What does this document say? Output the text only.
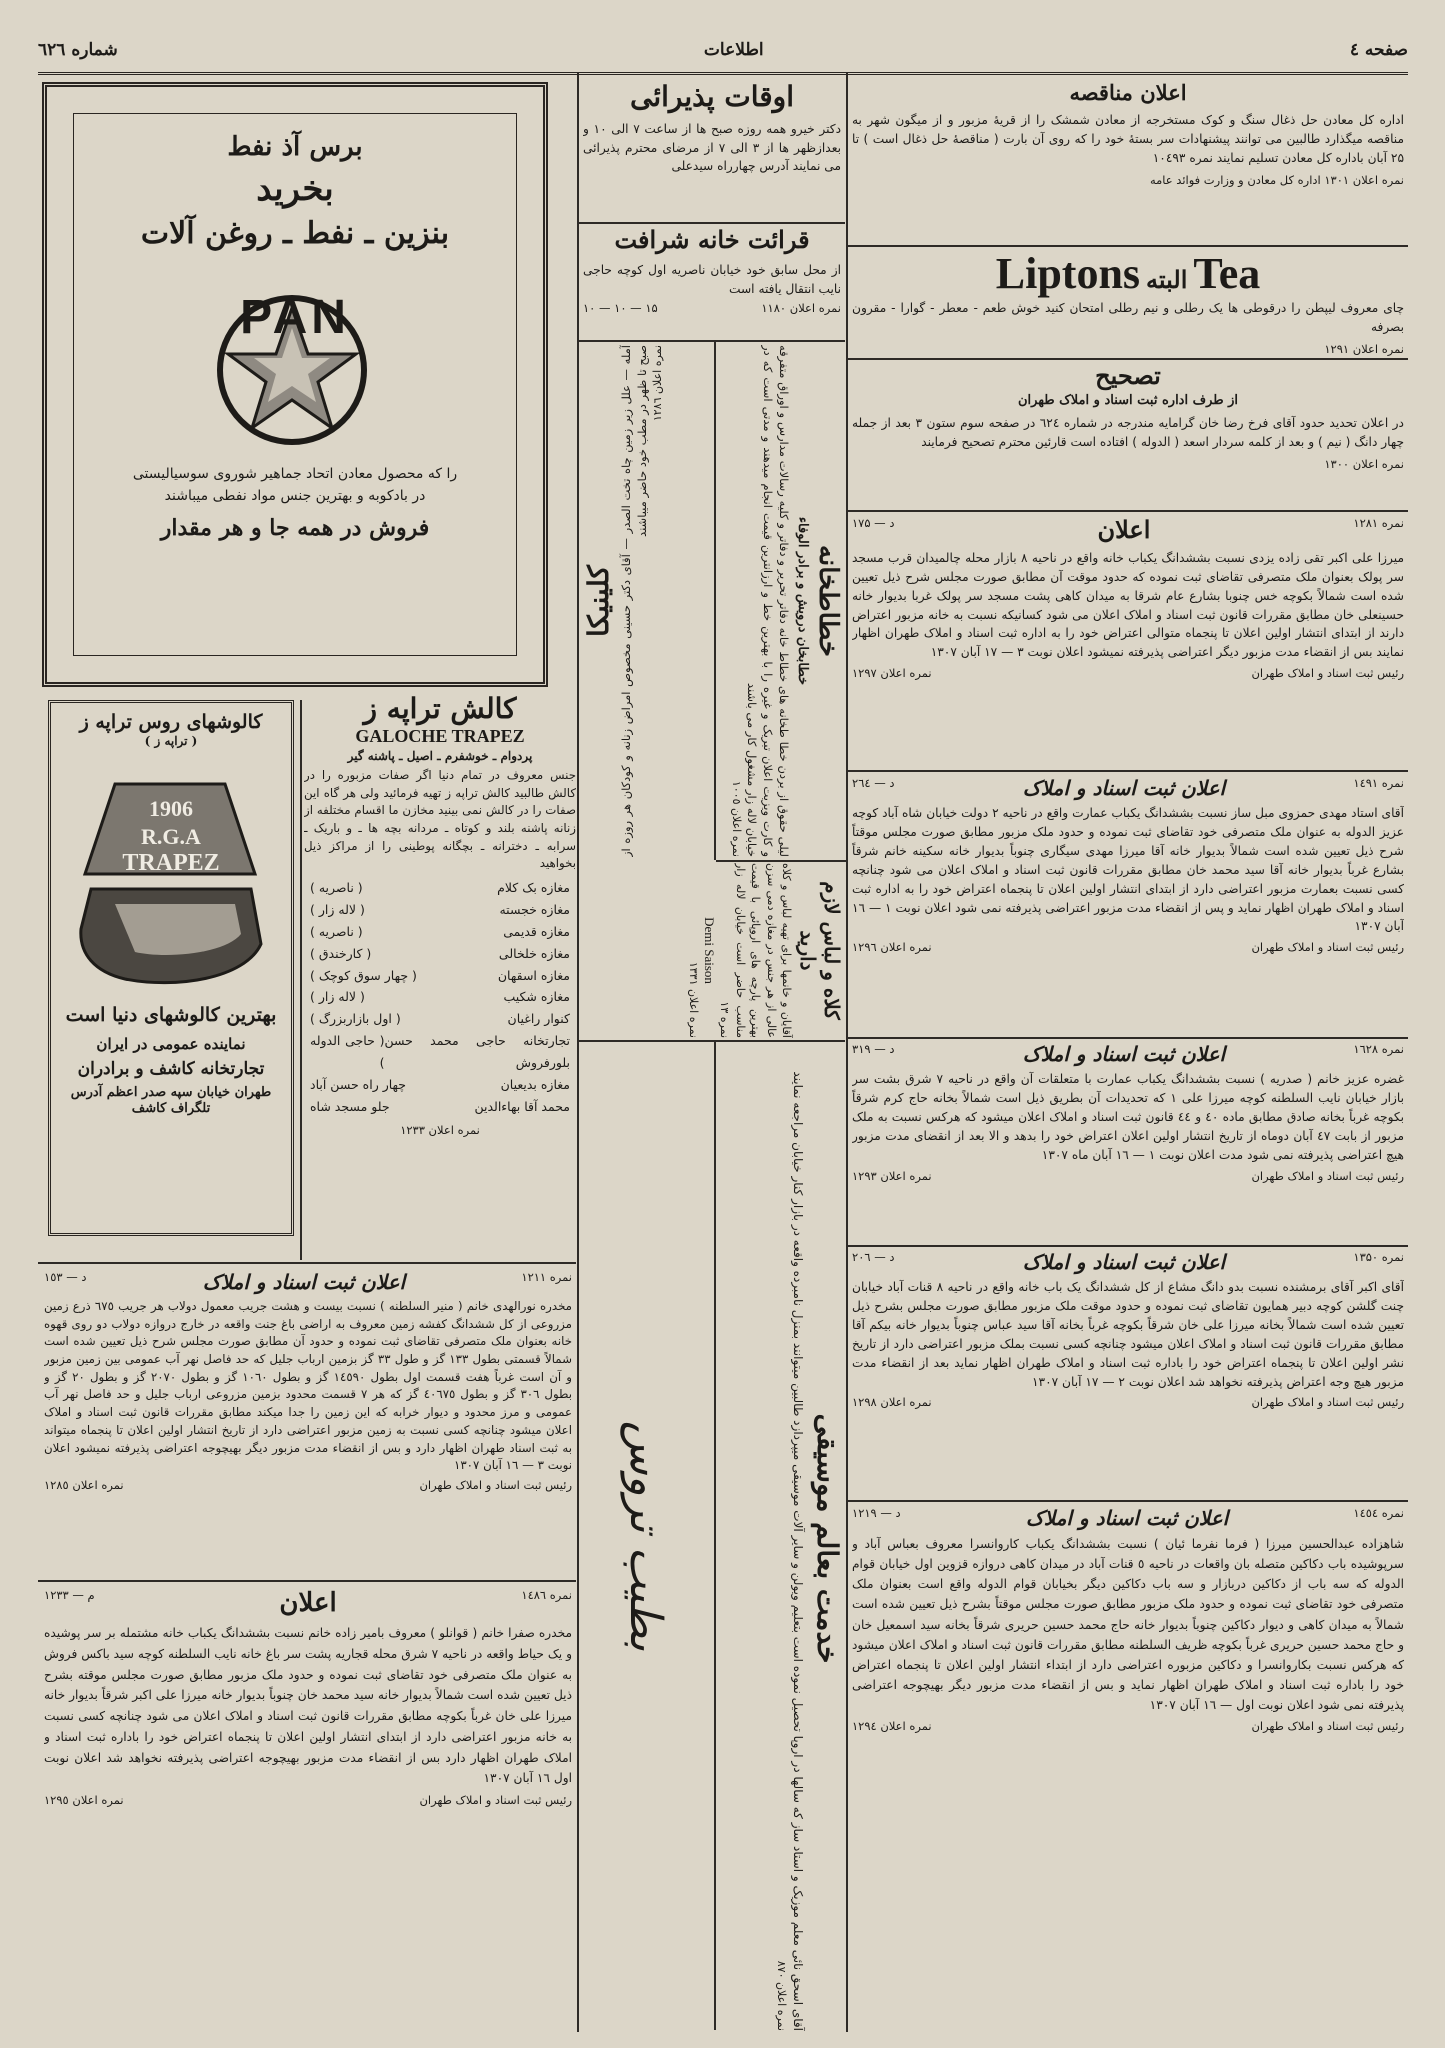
صفحه ٤
اطلاعات
شماره ٦٢٦
اعلان مناقصه

اداره کل معادن حل ذغال سنگ و کوک مستخرجه از معادن شمشک را از قریهٔ مزبور و از میگون شهر به مناقصه میگذارد طالبین می توانند پیشنهادات سر بستهٔ خود را که روی آن بارت ( مناقصهٔ حل ذغال است ) تا ۲۵ آبان باداره کل معادن تسلیم نمایند نمره ۱۰٤۹۳

نمره اعلان ۱۳۰۱ اداره کل معادن و وزارت فوائد عامه

Liptons البته Tea

چای معروف لیپطن را درقوطی ها یک رطلی و نیم رطلی امتحان کنید خوش طعم - معطر - گوارا - مقرون بصرفه

نمره اعلان ۱۲۹۱

تصحیح
از طرف اداره ثبت اسناد و املاک طهران

در اعلان تحدید حدود آقای فرخ رضا خان گرامایه مندرجه در شماره ٦۲٤ در صفحه سوم ستون ۳ بعد از جمله چهار دانگ ( نیم ) و بعد از کلمه سردار اسعد ( الدوله ) افتاده است قارئین محترم تصحیح فرمایند

نمره اعلان ۱۳۰۰

نمره ۱۲۸۱
اعلان
د — ۱۷۵

میرزا علی اکبر تقی زاده یزدی نسبت بششدانگ یکباب خانه واقع در ناحیه ۸ بازار محله چالمیدان قرب مسجد سر پولک بعنوان ملک متصرفی تقاضای ثبت نموده که حدود موقت آن مطابق صورت مجلس شرح ذیل تعیین شده است شمالاً بکوچه خس چنوبا بشارع عام شرقا به میدان کاهی پشت مسجد سر پولک غربا بدیوار خانه حسینعلی خان مطابق مقررات قانون ثبت اسناد و املاک اعلان می شود کسانیکه نسبت به خانه مزبور اعتراض دارند از ابتدای انتشار اولین اعلان تا پنجماه متوالی اعتراض خود را به اداره ثبت اسناد و املاک طهران اظهار نمایند بس از انقضاء مدت مزبور دیگر اعتراضی پذیرفته نمیشود اعلان نوبت ۳ — ۱۷ آبان ۱۳۰۷

رئیس ثبت اسناد و املاک طهران
نمره اعلان ۱۲۹۷
نمره ۱٤۹۱
اعلان ثبت اسناد و املاک
د — ۲٦٤

آقای استاد مهدی حمزوی مبل ساز نسبت بششدانگ یکباب عمارت واقع در ناحیه ۲ دولت خیابان شاه آباد کوچه عزیز الدوله به عنوان ملک متصرفی خود تقاضای ثبت نموده و حدود ملک مزبور مطابق صورت مجلس موقتاً شرح ذیل تعیین شده است شمالاً بدیوار خانه آقا میرزا مهدی سیگاری چنوباً بدیوار خانه سکینه خانم شرقاً بشارع غرباً بدیوار خانه آقا سید محمد خان مطابق مقررات قانون ثبت اسناد و املاک اعلان می شود چنانچه کسی نسبت بعمارت مزبور اعتراضی دارد از ابتدای انتشار اولین اعلان تا پنجماه اعتراض خود را به اداره ثبت اسناد و املاک طهران اظهار نماید و پس از انقضاء مدت مزبور اعتراضی پذیرفته نمی شود اعلان نوبت ۱ — ۱٦ آبان ۱۳۰۷

رئیس ثبت اسناد و املاک طهران
نمره اعلان ۱۲۹٦
نمره ۱٦۲۸
اعلان ثبت اسناد و املاک
د — ۳۱۹

غضره عزیز خانم ( صدریه ) نسبت بششدانگ یکباب عمارت با متعلقات آن واقع در ناحیه ۷ شرق بشت سر بازار خیابان نایب السلطنه کوچه میرزا علی ۱ که تحدیدات آن بطریق ذیل است شمالاً بخانه حاج کرم شرقاً بکوچه غرباً بخانه صادق مطابق ماده ٤۰ و ٤٤ قانون ثبت اسناد و املاک اعلان میشود که هرکس نسبت به ملک مزبور از بابت ٤۷ آبان دوماه از تاریخ انتشار اولین اعلان اعتراض خود را بدهد و الا بعد از انقضای مدت مزبور هیچ اعتراضی پذیرفته نمی شود مدت اعلان نوبت ۱ — ۱٦ آبان ماه ۱۳۰۷

رئیس ثبت اسناد و املاک طهران
نمره اعلان ۱۲۹۳
نمره ۱۳۵۰
اعلان ثبت اسناد و املاک
د — ۲۰٦

آقای اکبر آقای برمشنده نسبت بدو دانگ مشاع از کل ششدانگ یک باب خانه واقع در ناحیه ۸ قنات آباد خیابان چنت گلشن کوچه دبیر همایون تقاضای ثبت نموده و حدود موقت ملک مزبور مطابق صورت مجلس بشرح ذیل تعیین شده است شمالاً بخانه میرزا علی خان شرقاً بکوچه غرباً بخانه آقا سید عباس چنوباً بدیوار خانه بیکم آقا مطابق مقررات قانون ثبت اسناد و املاک اعلان میشود چنانچه کسی نسبت بملک مزبور اعتراضی دارد از تاریخ نشر اولین اعلان تا پنجماه اعتراض خود را باداره ثبت اسناد و املاک طهران اظهار نماید بعد از انقضاء مدت مزبور هیچ وجه اعتراض پذیرفته نخواهد شد اعلان نوبت ۲ — ۱۷ آبان ۱۳۰۷

رئیس ثبت اسناد و املاک طهران
نمره اعلان ۱۲۹۸
نمره ۱٤٥٤
اعلان ثبت اسناد و املاک
د — ۱۲۱۹

شاهزاده عبدالحسین میرزا ( فرما نفرما ئیان ) نسبت بششدانگ یکباب کاروانسرا معروف بعباس آباد و سرپوشیده باب دکاکین متصله بان واقعات در ناحیه ٥ قنات آباد در میدان کاهی دروازه قزوین اول خیابان قوام الدوله که سه باب از دکاکین دربازار و سه باب دکاکین دیگر بخیابان قوام الدوله واقع است بعنوان ملک متصرفی خود تقاضای ثبت نموده و حدود ملک مزبور مطابق صورت مجلس موقتاً بشرح ذیل تعیین شده است شمالاً به میدان کاهی و دیوار دکاکین چنوباً بدیوار خانه حاج محمد حسین حریری شرقاً بخانه سید اسمعیل خان و حاج محمد حسین حریری غرباً بکوچه ظریف السلطنه مطابق مقررات قانون ثبت اسناد و املاک اعلان میشود که هرکس نسبت بکاروانسرا و دکاکین مزبوره اعتراضی دارد از ابتداء انتشار اولین اعلان تا پنجماه اعتراض خود را باداره ثبت اسناد و املاک طهران اظهار نماید و بس از انقضاء مدت مزبور دیگر بهیچوجه اعتراضی پذیرفته نمی شود اعلان نوبت اول — ۱٦ آبان ۱۳۰۷

رئیس ثبت اسناد و املاک طهران
نمره اعلان ۱۲۹٤
اوقات پذیرائی

دکتر خیرو همه روزه صبح ها از ساعت ۷ الی ۱۰ و بعدازظهر ها از ۳ الی ۷ از مرضای محترم پذیرائی می نمایند آدرس چهارراه سیدعلی

قرائت خانه شرافت

از محل سابق خود خیابان ناصریه اول کوچه حاجی نایب انتقال یافته است

نمره اعلان ۱۱۸۰
۱۵ — ۱۰ — ۱۰
خطاطخانه
خطابخان درویش و برادر الوفاء

لیلی حقوق از بردن خطا طخانه های خطاط خانه دفاتر تحریر و دفاتر و کلیه رسالات مدارس و اوراق متفرقه و کارت ویزیت اعلان تبریک و غیره را با بهترین خط و ارزانترین قیمت انجام میدهند و مدتی است که در خیابان لاله زار مشغول کار می باشند

نمره اعلان ۱۰۰٥

کلینیکا آمله — علل زیر زمین چاه تخت الصدر — آقای دکتر حسینی مخصوص امراض زنانه و کودکان هر روزه از صبح تا ظهر در مطب خود حاضر میباشند نمره اعلان ۱۲۸٦

کلاه و لباس لازم دارید

آقایان و خانمها برای تهیه لباس و کلاه عالی از هر جنس در مغازه دمی سزن بهترین پارچه های اروپائی با قیمت مناسب حاضر است خیابان لاله زار نمره ۱۳

Demi Saison

نمره اعلان ۱۳۳۱

خدمت بعالم موسیقی

آقای اسحق نائی معلم موزیک و استاد ساز که سالها در اروپا تحصیل نموده است بتعلیم ویولن و سایر آلات موسیقی میپردازد طالبین میتوانند بمنزل نامبرده واقعه در بازار کنار خیابان مراجعه نمایند

نمره اعلان ۸۷۰

بطیب تروس
برس آذ نفط
بخرید
بنزین ـ نفط ـ روغن آلات
PAN

را که محصول معادن اتحاد جماهیر شوروی سوسیالیستی

در بادکوبه و بهترین جنس مواد نفطی میباشند

فروش در همه جا و هر مقدار
کالش تراپه ز
GALOCHE TRAPEZ
پردوام ـ خوشفرم ـ اصیل ـ پاشنه گیر

جنس معروف در تمام دنیا اگر صفات مزبوره را در کالش طالبید کالش تراپه ز تهیه فرمائید ولی هر گاه این صفات را در کالش نمی بینید مخازن ما اقسام مختلفه از زنانه پاشنه بلند و کوتاه ـ مردانه بچه ها ـ و باریک ـ سرابه ـ دخترانه ـ بچگانه پوطینی را از مراکز ذیل بخواهید

مغازه بک کلام
( ناصریه )
مغازه خجسته
( لاله زار )
مغازه قدیمی
( ناصریه )
مغازه خلخالی
( کارخندق )
مغازه اسقهان
( چهار سوق کوچک )
مغازه شکیب
( لاله زار )
کنوار راغیان
( اول بازاربزرگ )
تجارتخانه حاجی محمد حسن بلورفروش
( حاجی الدوله )
مغازه بدیعیان
چهار راه حسن آباد
محمد آقا بهاءالدین
جلو مسجد شاه

نمره اعلان ۱۲۳۳

کالوشهای روس تراپه ز
( تراپه ز )
1906
R.G.A
TRAPEZ
بهترین کالوشهای دنیا است
نماینده عمومی در ایران
تجارتخانه کاشف و برادران
طهران خیابان سپه صدر اعظم آدرس تلگراف کاشف
نمره ۱۲۱۱
اعلان ثبت اسناد و املاک
د — ۱٥۳

مخدره نورالهدی خانم ( منیر السلطنه ) نسبت بیست و هشت جریب معمول دولاب هر جریب ٦۷٥ ذرع زمین مزروعی از کل ششدانگ کفشه زمین معروف به اراضی باغ جنت واقعه در خارج دروازه دولاب دو روی قهوه خانه بعنوان ملک متصرفی تقاضای ثبت نموده و حدود آن مطابق صورت مجلس شرح ذیل تعیین شده است شمالاً قسمتی بطول ۱۳۳ گز و طول ۳۳ گز بزمین ارباب جلیل که حد فاصل نهر آب عمومی بین زمین مزبور و آن است غرباً هفت قسمت اول بطول ۱٤٥۹۰ گز و بطول ۱۰٦۰ گز و بطول ۲۰۷۰ گز و بطول ۲۰ گز و بطول ۳۰٦ گز و بطول ٤۰٦۷٥ گز که هر ۷ قسمت محدود بزمین مزروعی ارباب جلیل و حد فاصل نهر آب عمومی و مرز محدود و دیوار خرابه که این زمین را جدا میکند مطابق مقررات قانون ثبت اسناد و املاک اعلان میشود چنانچه کسی نسبت به زمین مزبور اعتراضی دارد از تاریخ انتشار اولین اعلان تا پنجماه میتواند به ثبت اسناد طهران اظهار دارد و بس از انقضاء مدت مزبور دیگر بهیچوجه اعتراضی پذیرفته نمیشود اعلان نوبت ۳ — ۱٦ آبان ۱۳۰۷

رئیس ثبت اسناد و املاک طهران
نمره اعلان ۱۲۸٥
نمره ۱٤۸٦
اعلان
م — ۱۲۳۳

مخدره صفرا خانم ( قوانلو ) معروف بامیر زاده خانم نسبت بششدانگ یکباب خانه مشتمله بر سر پوشیده و یک حیاط واقعه در ناحیه ۷ شرق محله قجاریه پشت سر باغ خانه نایب السلطنه کوچه سید باکس فروش به عنوان ملک متصرفی خود تقاضای ثبت نموده و حدود ملک مزبور مطابق صورت مجلس موقته بشرح ذیل تعیین شده است شمالاً بدیوار خانه سید محمد خان چنوباً بدیوار خانه میرزا علی اکبر شرقاً بدیوار خانه میرزا علی خان غرباً بکوچه مطابق مقررات قانون ثبت اسناد و املاک اعلان می شود چنانچه کسی نسبت به خانه مزبور اعتراضی دارد از ابتدای انتشار اولین اعلان تا پنجماه اعتراض خود را باداره ثبت اسناد و املاک طهران اظهار دارد بس از انقضاء مدت مزبور بهیچوجه اعتراضی پذیرفته نخواهد شد اعلان نوبت اول ۱٦ آبان ۱۳۰۷

رئیس ثبت اسناد و املاک طهران
نمره اعلان ۱۲۹٥
